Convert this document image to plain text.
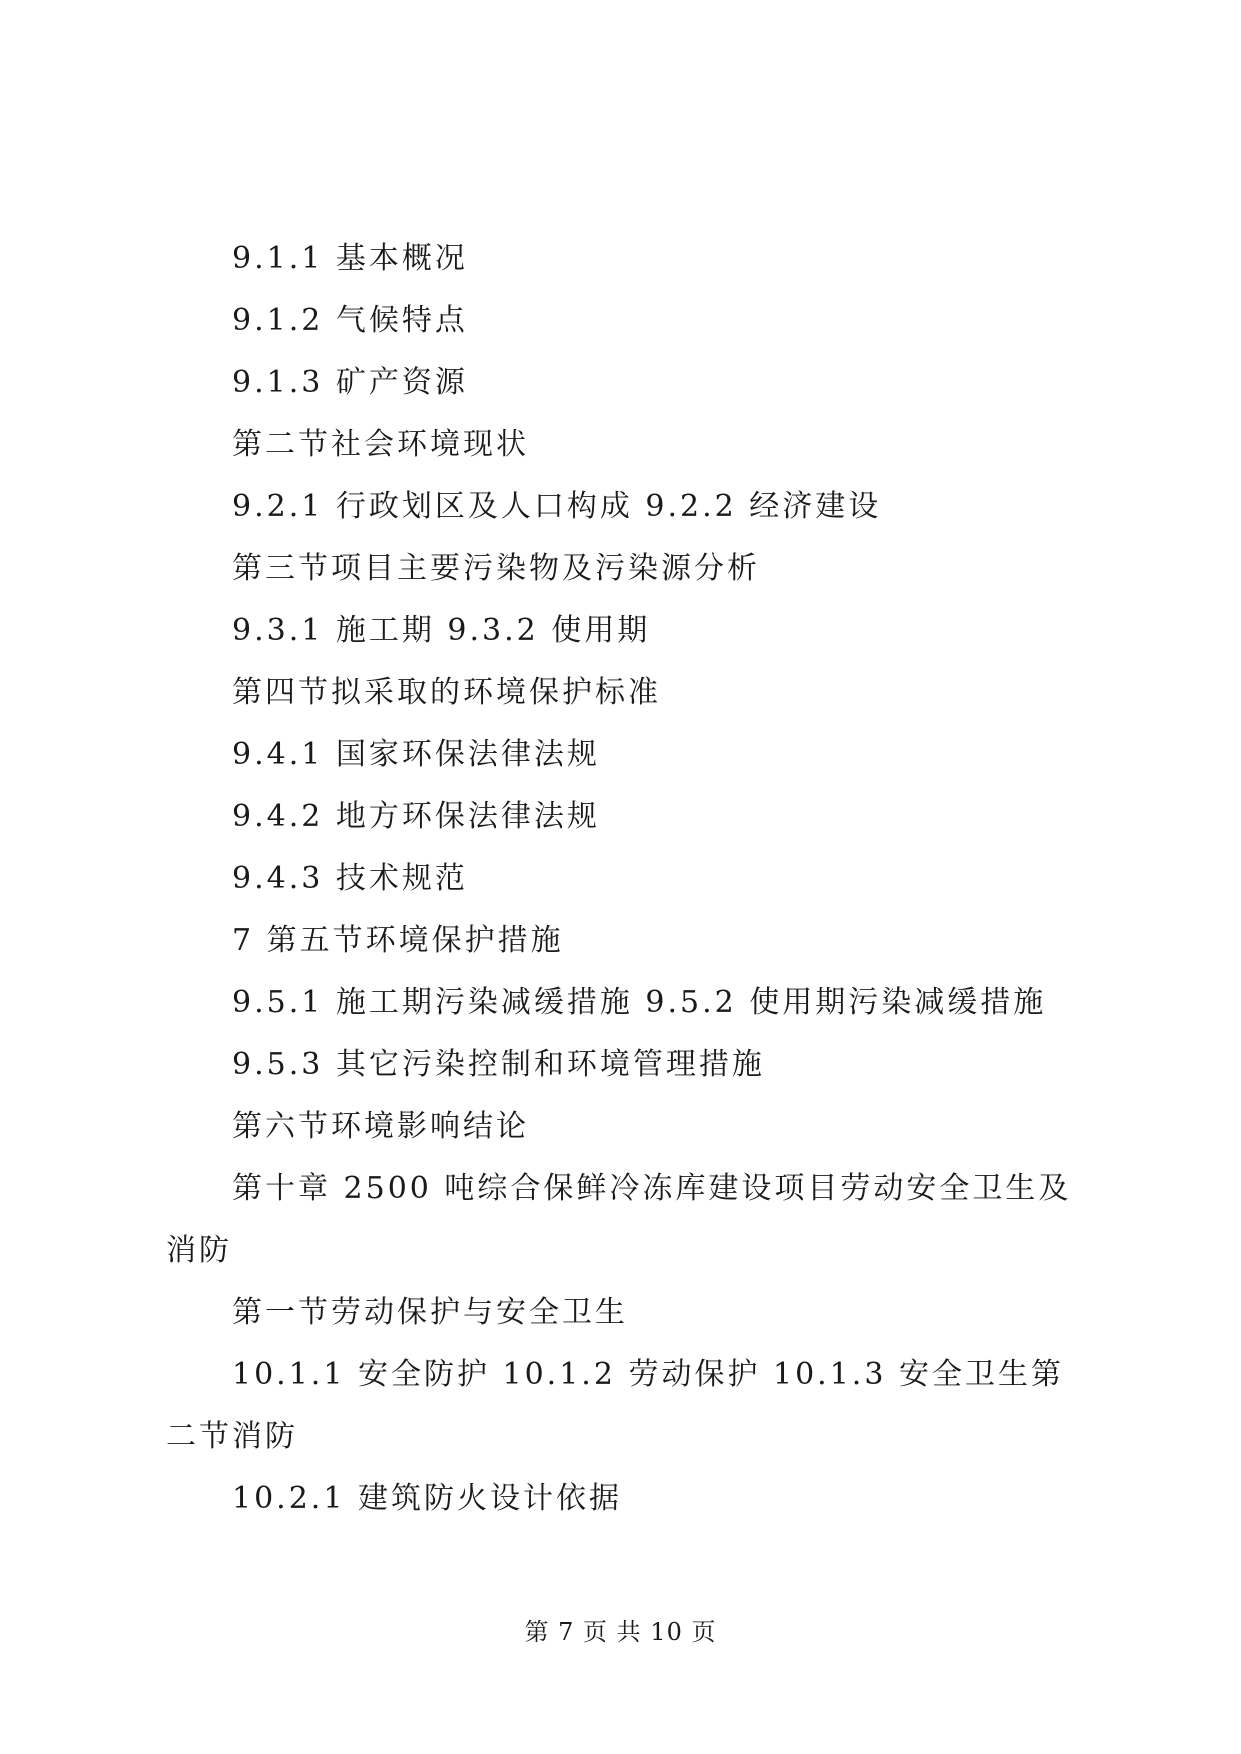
9.1.1 基本概况

9.1.2 气候特点

9.1.3 矿产资源

第二节社会环境现状

9.2.1 行政划区及人口构成 9.2.2 经济建设

第三节项目主要污染物及污染源分析

9.3.1 施工期 9.3.2 使用期

第四节拟采取的环境保护标准

9.4.1 国家环保法律法规

9.4.2 地方环保法律法规

9.4.3 技术规范

7 第五节环境保护措施

9.5.1 施工期污染减缓措施 9.5.2 使用期污染减缓措施

9.5.3 其它污染控制和环境管理措施

第六节环境影响结论

第十章 2500 吨综合保鲜冷冻库建设项目劳动安全卫生及消防

第一节劳动保护与安全卫生

10.1.1 安全防护 10.1.2 劳动保护 10.1.3 安全卫生第二节消防

10.2.1 建筑防火设计依据

第 7 页 共 10 页
